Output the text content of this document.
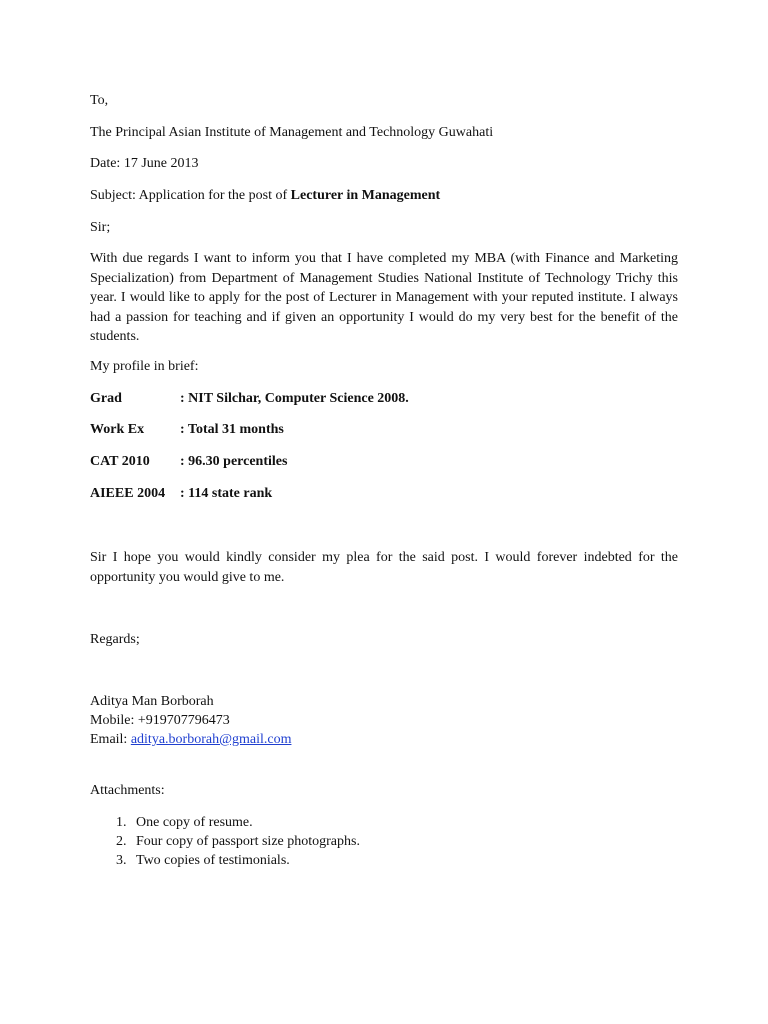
To,
The Principal Asian Institute of Management and Technology Guwahati
Date: 17 June 2013
Subject: Application for the post of Lecturer in Management
Sir;
With due regards I want to inform you that I have completed my MBA (with Finance and Marketing Specialization) from Department of Management Studies National Institute of Technology Trichy this year. I would like to apply for the post of Lecturer in Management with your reputed institute. I always had a passion for teaching and if given an opportunity I would do my very best for the benefit of the students.
My profile in brief:
Grad	: NIT Silchar, Computer Science 2008.
Work Ex	: Total 31 months
CAT 2010 : 96.30 percentiles
AIEEE 2004 : 114 state rank
Sir I hope you would kindly consider my plea for the said post. I would forever indebted for the opportunity you would give to me.
Regards;
Aditya Man Borborah
Mobile: +919707796473
Email: aditya.borborah@gmail.com
Attachments:
1. One copy of resume.
2. Four copy of passport size photographs.
3. Two copies of testimonials.
